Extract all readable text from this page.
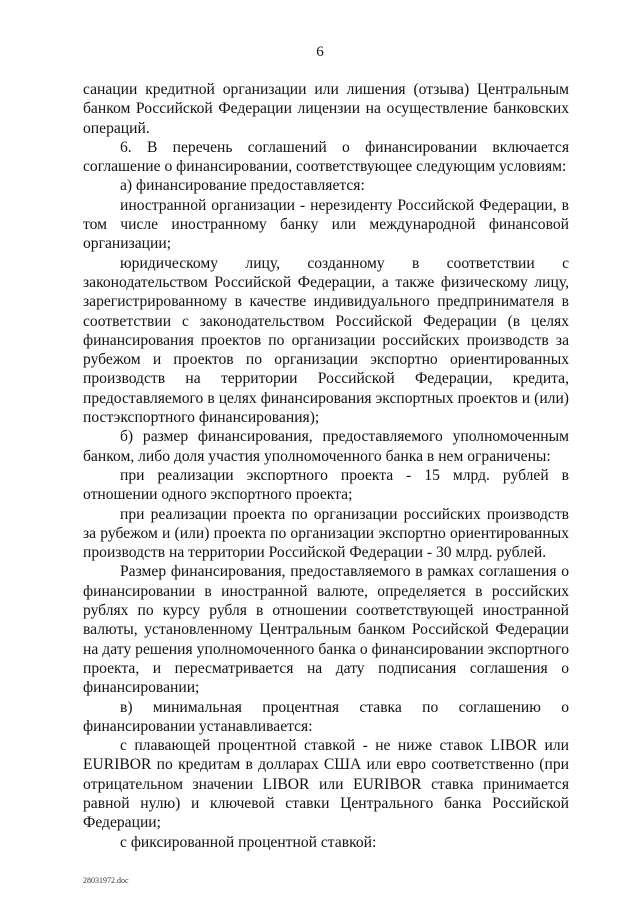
6

санации кредитной организации или лишения (отзыва) Центральным банком Российской Федерации лицензии на осуществление банковских операций.

6. В перечень соглашений о финансировании включается соглашение о финансировании, соответствующее следующим условиям:

а) финансирование предоставляется:

иностранной организации - нерезиденту Российской Федерации, в том числе иностранному банку или международной финансовой организации;

юридическому лицу, созданному в соответствии с законодательством Российской Федерации, а также физическому лицу, зарегистрированному в качестве индивидуального предпринимателя в соответствии с законодательством Российской Федерации (в целях финансирования проектов по организации российских производств за рубежом и проектов по организации экспортно ориентированных производств на территории Российской Федерации, кредита, предоставляемого в целях финансирования экспортных проектов и (или) постэкспортного финансирования);

б) размер финансирования, предоставляемого уполномоченным банком, либо доля участия уполномоченного банка в нем ограничены:

при реализации экспортного проекта - 15 млрд. рублей в отношении одного экспортного проекта;

при реализации проекта по организации российских производств за рубежом и (или) проекта по организации экспортно ориентированных производств на территории Российской Федерации - 30 млрд. рублей.

Размер финансирования, предоставляемого в рамках соглашения о финансировании в иностранной валюте, определяется в российских рублях по курсу рубля в отношении соответствующей иностранной валюты, установленному Центральным банком Российской Федерации на дату решения уполномоченного банка о финансировании экспортного проекта, и пересматривается на дату подписания соглашения о финансировании;

в) минимальная процентная ставка по соглашению о финансировании устанавливается:

с плавающей процентной ставкой - не ниже ставок LIBOR или EURIBOR по кредитам в долларах США или евро соответственно (при отрицательном значении LIBOR или EURIBOR ставка принимается равной нулю) и ключевой ставки Центрального банка Российской Федерации;

с фиксированной процентной ставкой:

28031972.doc
